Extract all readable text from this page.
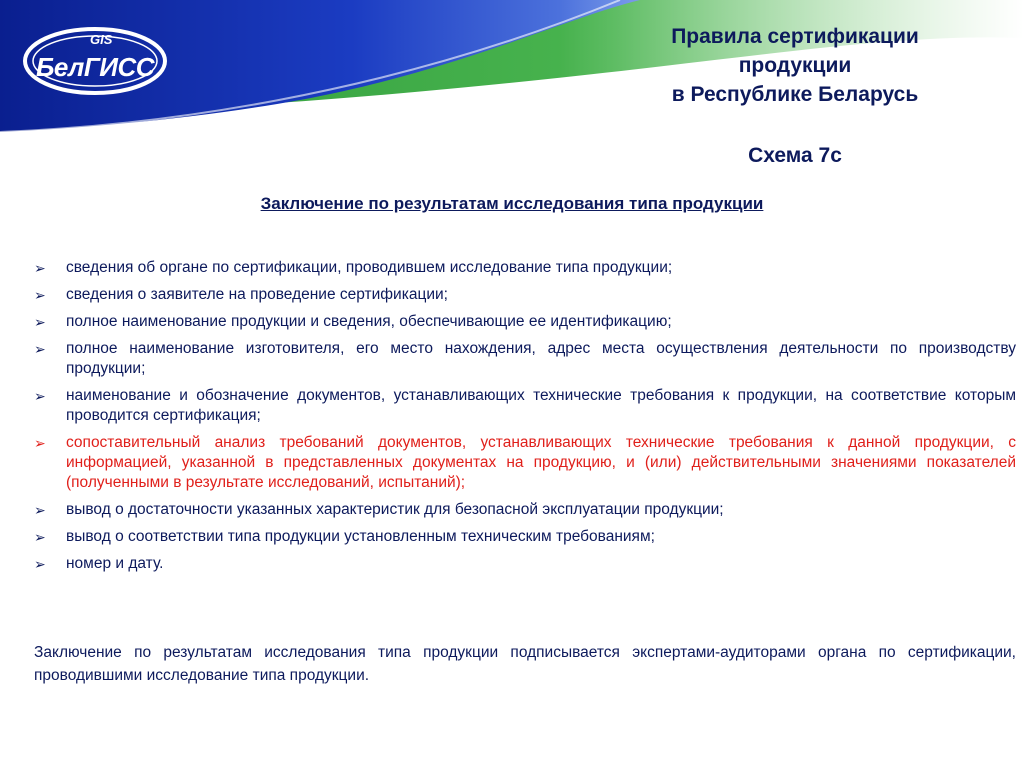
GIS
БелГИСС
Правила сертификации
продукции
в Республике Беларусь
Схема 7с
Заключение по результатам исследования типа продукции
➢ сведения об органе по сертификации, проводившем исследование типа продукции;
➢ сведения о заявителе на проведение сертификации;
➢ полное наименование продукции и сведения, обеспечивающие ее идентификацию;
➢ полное наименование изготовителя, его место нахождения, адрес места осуществления деятельности по производству продукции;
➢ наименование и обозначение документов, устанавливающих технические требования к продукции, на соответствие которым проводится сертификация;
➢ сопоставительный анализ требований документов, устанавливающих технические требования к данной продукции, с информацией, указанной в представленных документах на продукцию, и (или) действительными значениями показателей (полученными в результате исследований, испытаний);
➢ вывод о достаточности указанных характеристик для безопасной эксплуатации продукции;
➢ вывод о соответствии типа продукции установленным техническим требованиям;
➢ номер и дату.
Заключение по результатам исследования типа продукции подписывается экспертами-аудиторами органа по сертификации, проводившими исследование типа продукции.
